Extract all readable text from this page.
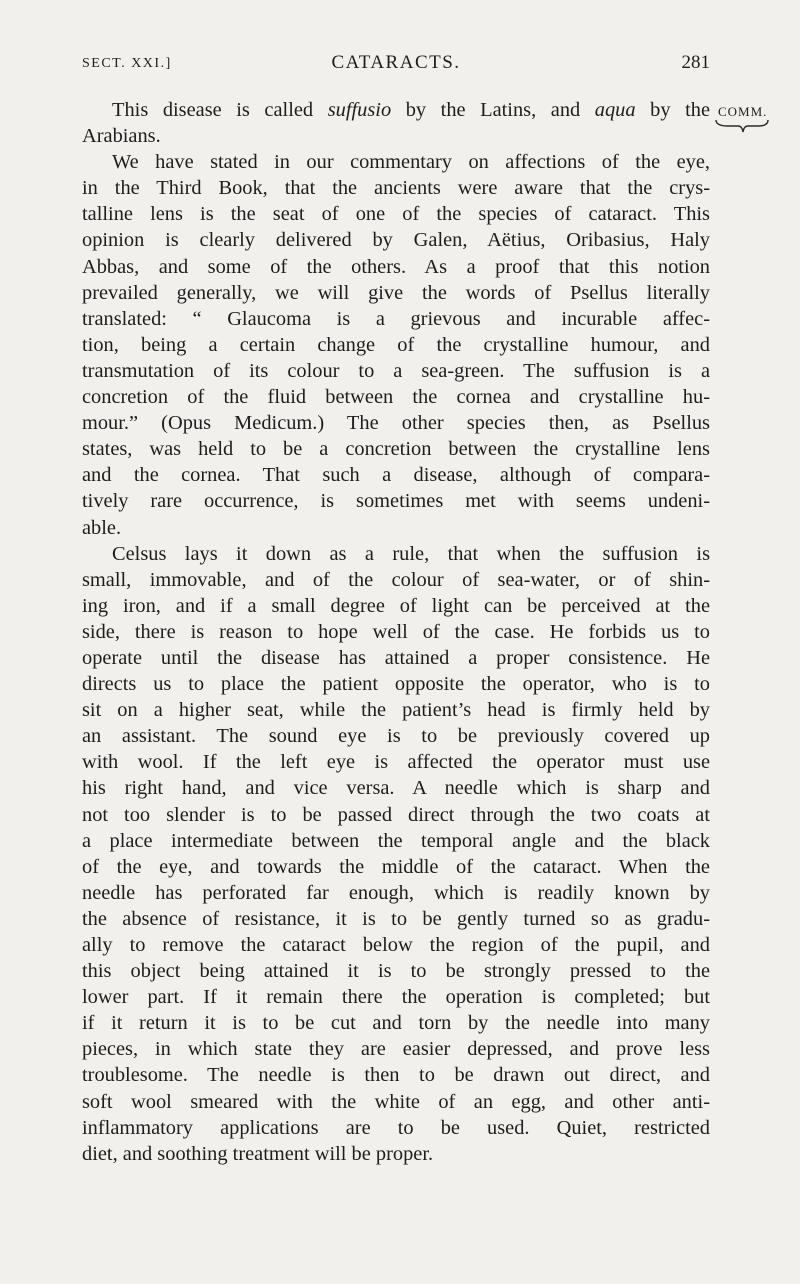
SECT. XXI.]	CATARACTS.	281
COMM.
This disease is called suffusio by the Latins, and aqua by the
Arabians.
We have stated in our commentary on affections of the eye,
in the Third Book, that the ancients were aware that the crys-
talline lens is the seat of one of the species of cataract. This
opinion is clearly delivered by Galen, Aëtius, Oribasius, Haly
Abbas, and some of the others. As a proof that this notion
prevailed generally, we will give the words of Psellus literally
translated: “ Glaucoma is a grievous and incurable affec-
tion, being a certain change of the crystalline humour, and
transmutation of its colour to a sea-green. The suffusion is a
concretion of the fluid between the cornea and crystalline hu-
mour.” (Opus Medicum.) The other species then, as Psellus
states, was held to be a concretion between the crystalline lens
and the cornea. That such a disease, although of compara-
tively rare occurrence, is sometimes met with seems undeni-
able.
Celsus lays it down as a rule, that when the suffusion is
small, immovable, and of the colour of sea-water, or of shin-
ing iron, and if a small degree of light can be perceived at the
side, there is reason to hope well of the case. He forbids us to
operate until the disease has attained a proper consistence. He
directs us to place the patient opposite the operator, who is to
sit on a higher seat, while the patient’s head is firmly held by
an assistant. The sound eye is to be previously covered up
with wool. If the left eye is affected the operator must use
his right hand, and vice versa. A needle which is sharp and
not too slender is to be passed direct through the two coats at
a place intermediate between the temporal angle and the black
of the eye, and towards the middle of the cataract. When the
needle has perforated far enough, which is readily known by
the absence of resistance, it is to be gently turned so as gradu-
ally to remove the cataract below the region of the pupil, and
this object being attained it is to be strongly pressed to the
lower part. If it remain there the operation is completed; but
if it return it is to be cut and torn by the needle into many
pieces, in which state they are easier depressed, and prove less
troublesome. The needle is then to be drawn out direct, and
soft wool smeared with the white of an egg, and other anti-
inflammatory applications are to be used. Quiet, restricted
diet, and soothing treatment will be proper.
